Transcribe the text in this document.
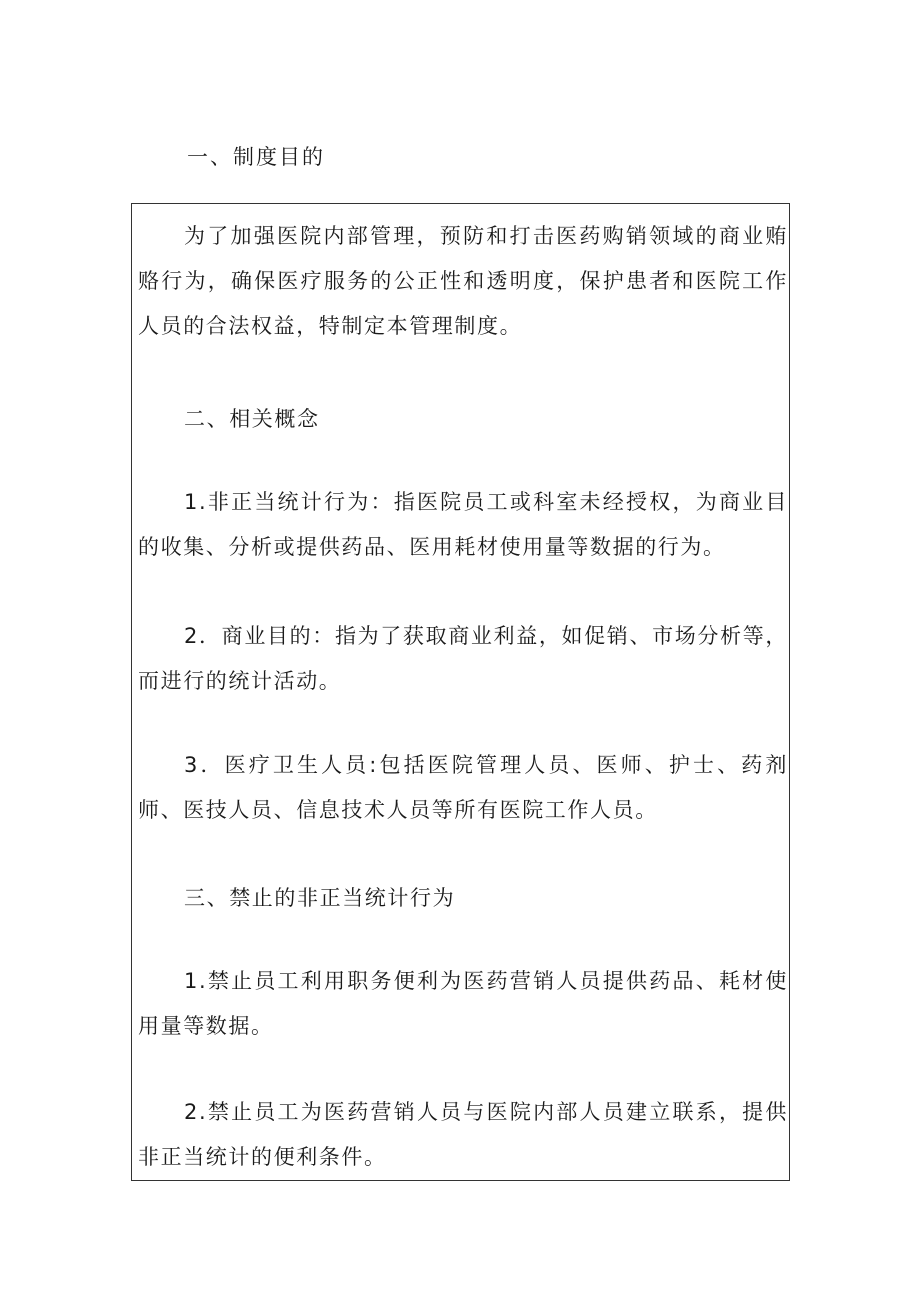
一、制度目的

为了加强医院内部管理，预防和打击医药购销领域的商业贿赂行为，确保医疗服务的公正性和透明度，保护患者和医院工作人员的合法权益，特制定本管理制度。

二、相关概念

1.非正当统计行为：指医院员工或科室未经授权，为商业目的收集、分析或提供药品、医用耗材使用量等数据的行为。

2．商业目的：指为了获取商业利益，如促销、市场分析等，而进行的统计活动。

3．医疗卫生人员:包括医院管理人员、医师、护士、药剂师、医技人员、信息技术人员等所有医院工作人员。

三、禁止的非正当统计行为

1.禁止员工利用职务便利为医药营销人员提供药品、耗材使用量等数据。

2.禁止员工为医药营销人员与医院内部人员建立联系，提供非正当统计的便利条件。
